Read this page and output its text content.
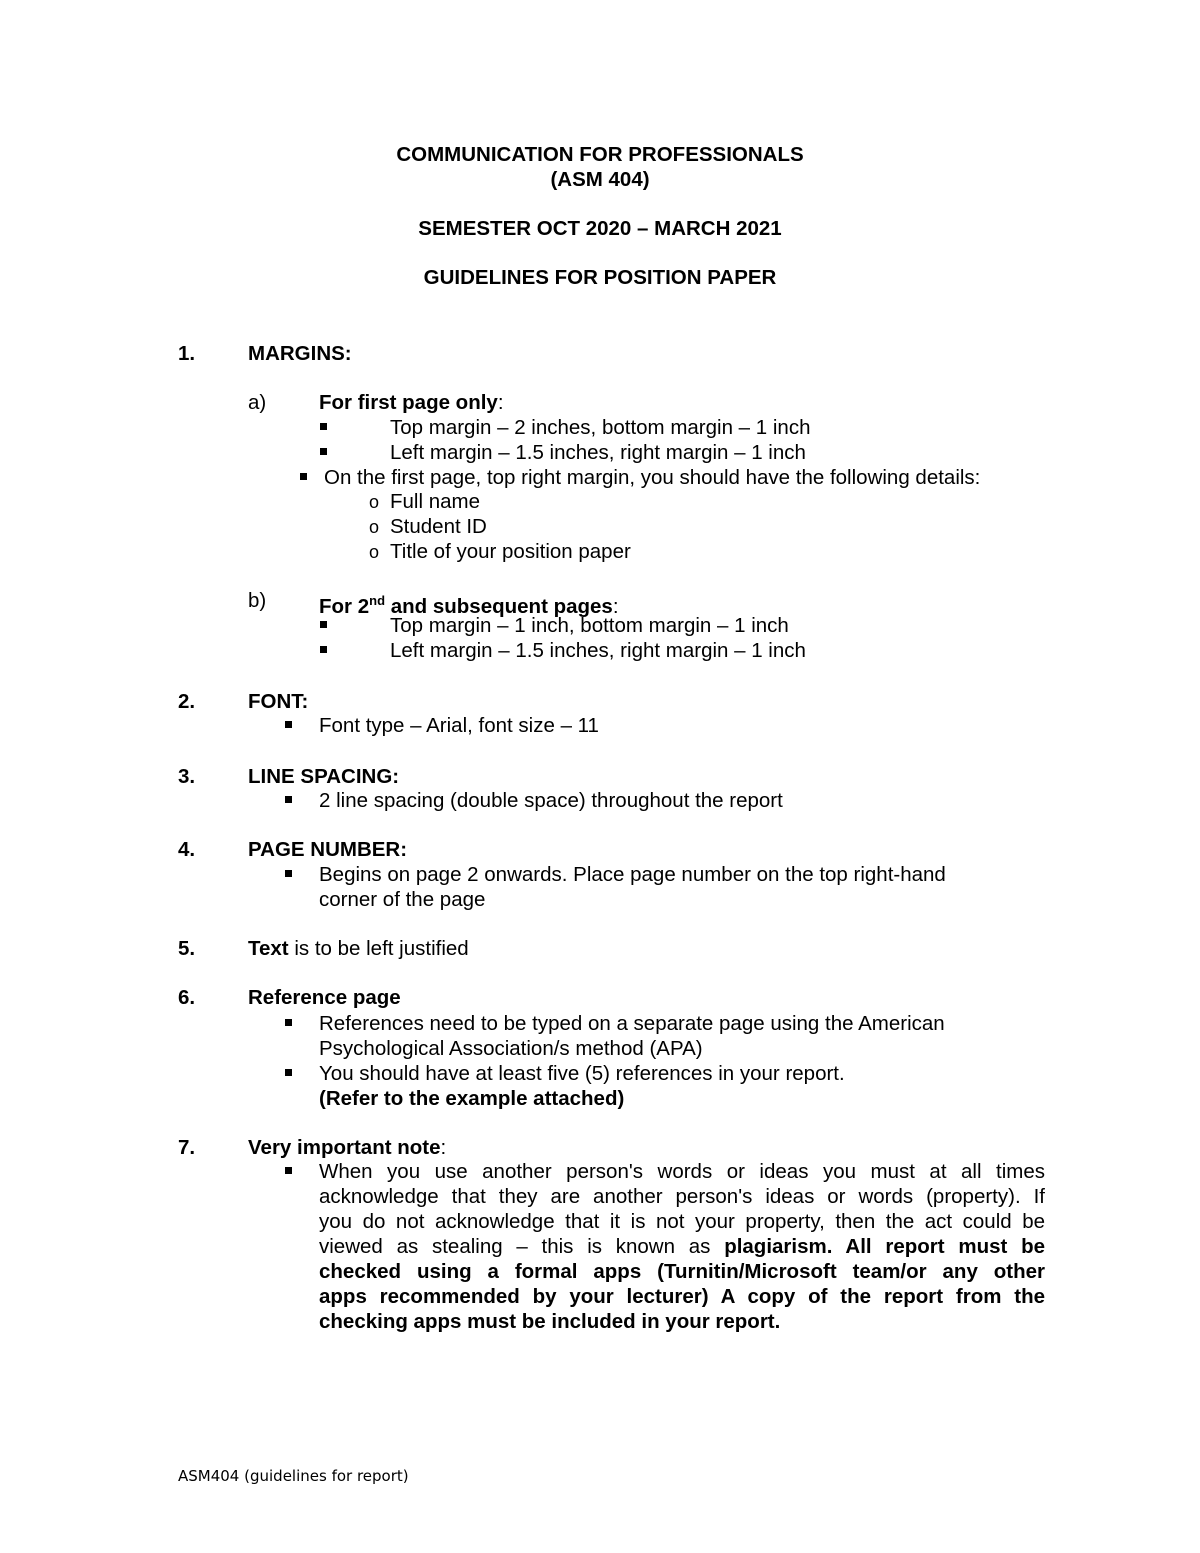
COMMUNICATION FOR PROFESSIONALS
(ASM 404)
SEMESTER OCT 2020 – MARCH 2021
GUIDELINES FOR POSITION PAPER
1.	MARGINS:
a)	For first page only:
Top margin – 2 inches, bottom margin – 1 inch
Left margin – 1.5 inches, right margin – 1 inch
On the first page, top right margin, you should have the following details:
o Full name
o Student ID
o Title of your position paper
b)	For 2nd and subsequent pages:
Top margin – 1 inch, bottom margin – 1 inch
Left margin – 1.5 inches, right margin – 1 inch
2.	FONT:
Font type – Arial, font size – 11
3.	LINE SPACING:
2 line spacing (double space) throughout the report
4.	PAGE NUMBER:
Begins on page 2 onwards. Place page number on the top right-hand
corner of the page
5.	Text is to be left justified
6.	Reference page
References need to be typed on a separate page using the American
Psychological Association/s method (APA)
You should have at least five (5) references in your report.
(Refer to the example attached)
7.	Very important note:
When you use another person's words or ideas you must at all times
acknowledge that they are another person's ideas or words (property). If
you do not acknowledge that it is not your property, then the act could be
viewed as stealing – this is known as plagiarism. All report must be
checked using a formal apps (Turnitin/Microsoft team/or any other
apps recommended by your lecturer) A copy of the report from the
checking apps must be included in your report.
ASM404 (guidelines for report)
